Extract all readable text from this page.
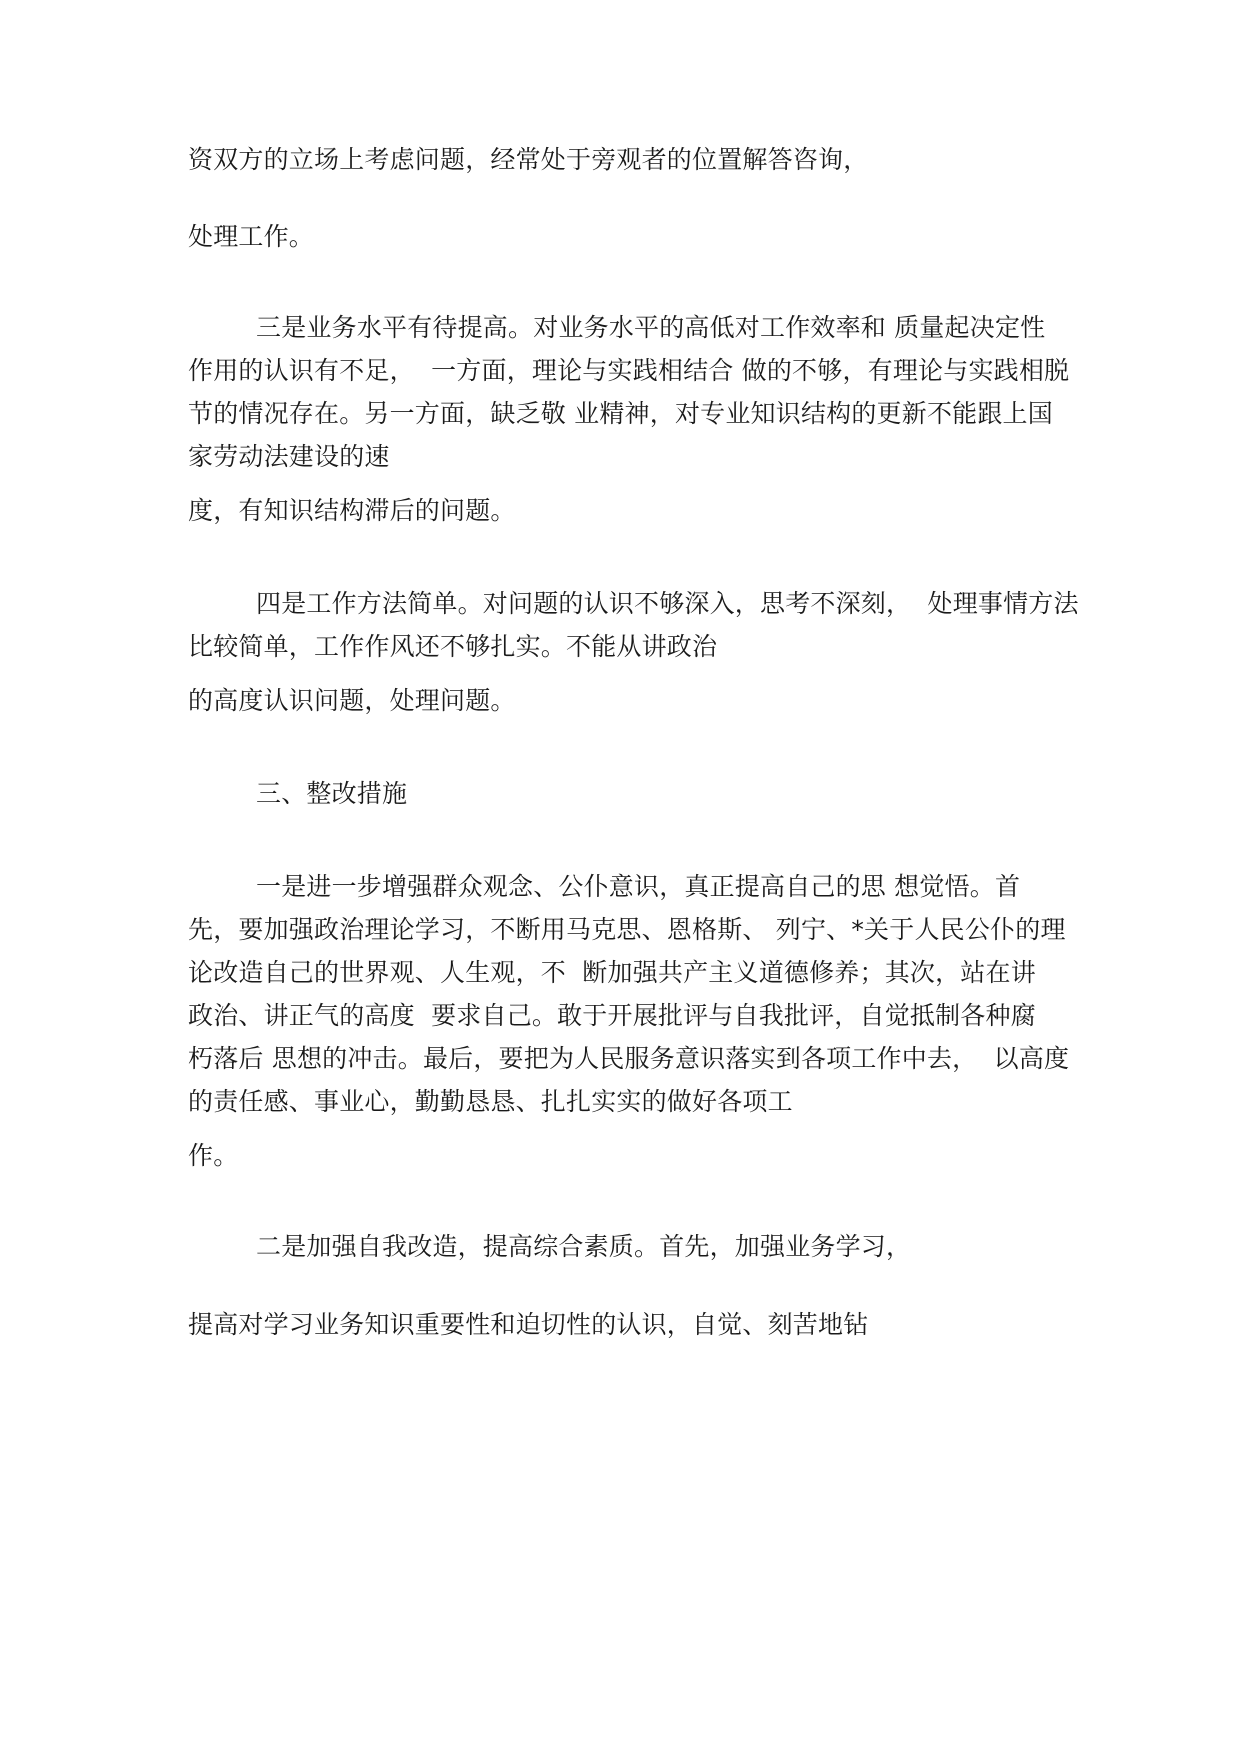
资双方的立场上考虑问题，经常处于旁观者的位置解答咨询，
处理工作。
三是业务水平有待提高。对业务水平的高低对工作效率和 质量起决定性
作用的认识有不足，  一方面，理论与实践相结合 做的不够，有理论与实践相脱
节的情况存在。另一方面，缺乏敬 业精神，对专业知识结构的更新不能跟上国
家劳动法建设的速
度，有知识结构滞后的问题。
四是工作方法简单。对问题的认识不够深入，思考不深刻，  处理事情方法
比较简单，工作作风还不够扎实。不能从讲政治
的高度认识问题，处理问题。
三、整改措施
一是进一步增强群众观念、公仆意识，真正提高自己的思 想觉悟。首
先，要加强政治理论学习，不断用马克思、恩格斯、 列宁、*关于人民公仆的理
论改造自己的世界观、人生观，不  断加强共产主义道德修养；其次，站在讲
政治、讲正气的高度  要求自己。敢于开展批评与自我批评，自觉抵制各种腐
朽落后 思想的冲击。最后，要把为人民服务意识落实到各项工作中去，  以高度
的责任感、事业心，勤勤恳恳、扎扎实实的做好各项工
作。
二是加强自我改造，提高综合素质。首先，加强业务学习，
提高对学习业务知识重要性和迫切性的认识，自觉、刻苦地钻
